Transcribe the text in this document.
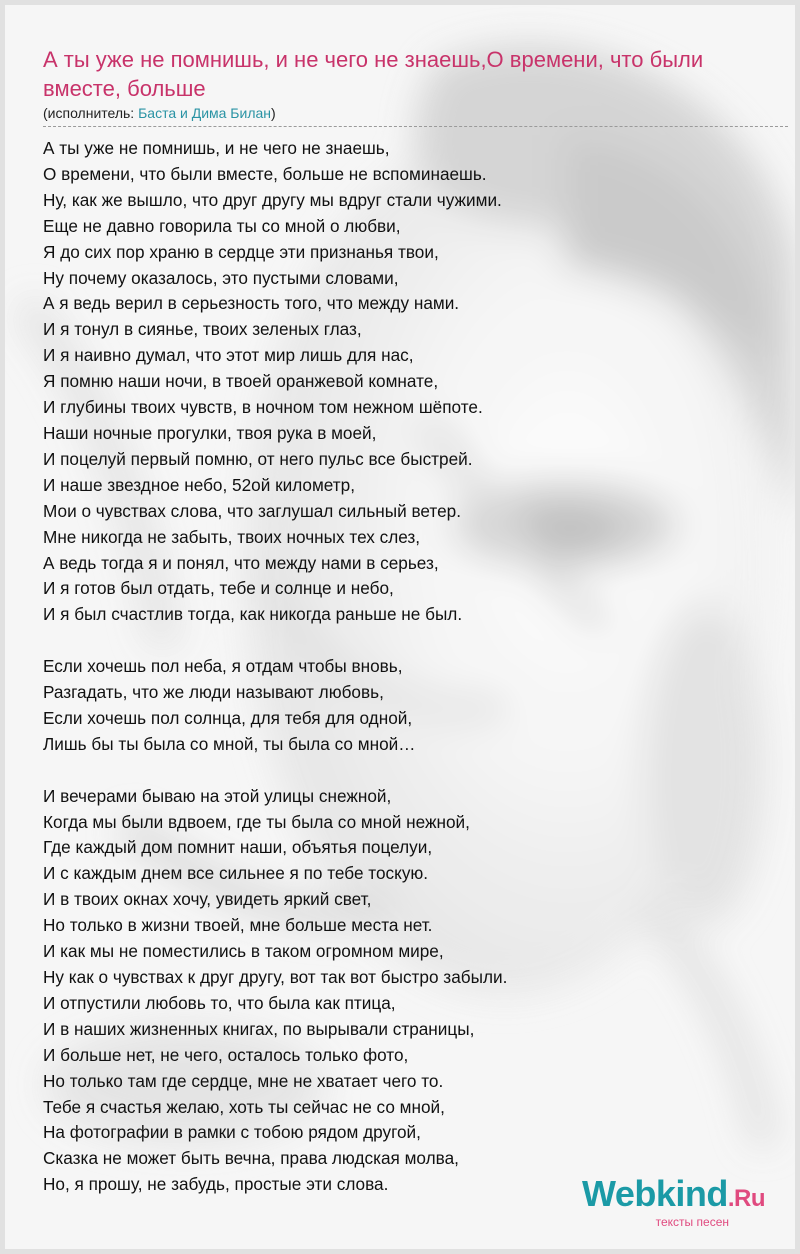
А ты уже не помнишь, и не чего не знаешь,О времени, что были вместе, больше
(исполнитель: Баста и Дима Билан)
А ты уже не помнишь, и не чего не знаешь,
О времени, что были вместе, больше не вспоминаешь.
Ну, как же вышло, что друг другу мы вдруг стали чужими.
Еще не давно говорила ты со мной о любви,
Я до сих пор храню в сердце эти признанья твои,
Ну почему оказалось, это пустыми словами,
А я ведь верил в серьезность того, что между нами.
И я тонул в сиянье, твоих зеленых глаз,
И я наивно думал, что этот мир лишь для нас,
Я помню наши ночи, в твоей оранжевой комнате,
И глубины твоих чувств, в ночном том нежном шёпоте.
Наши ночные прогулки, твоя рука в моей,
И поцелуй первый помню, от него пульс все быстрей.
И наше звездное небо, 52ой километр,
Мои о чувствах слова, что заглушал сильный ветер.
Мне никогда не забыть, твоих ночных тех слез,
А ведь тогда я и понял, что между нами в серьез,
И я готов был отдать, тебе и солнце и небо,
И я был счастлив тогда, как никогда раньше не был.
Если хочешь пол неба, я отдам чтобы вновь,
Разгадать, что же люди называют любовь,
Если хочешь пол солнца, для тебя для одной,
Лишь бы ты была со мной, ты была со мной…
И вечерами бываю на этой улицы снежной,
Когда мы были вдвоем, где ты была со мной нежной,
Где каждый дом помнит наши, объятья поцелуи,
И с каждым днем все сильнее я по тебе тоскую.
И в твоих окнах хочу, увидеть яркий свет,
Но только в жизни твоей, мне больше места нет.
И как мы не поместились в таком огромном мире,
Ну как о чувствах к друг другу, вот так вот быстро забыли.
И отпустили любовь то, что была как птица,
И в наших жизненных книгах, по вырывали страницы,
И больше нет, не чего, осталось только фото,
Но только там где сердце, мне не хватает чего то.
Тебе я счастья желаю, хоть ты сейчас не со мной,
На фотографии в рамки с тобою рядом другой,
Сказка не может быть вечна, права людская молва,
Но, я прошу, не забудь, простые эти слова.	Webkind.Ru
тексты песен
